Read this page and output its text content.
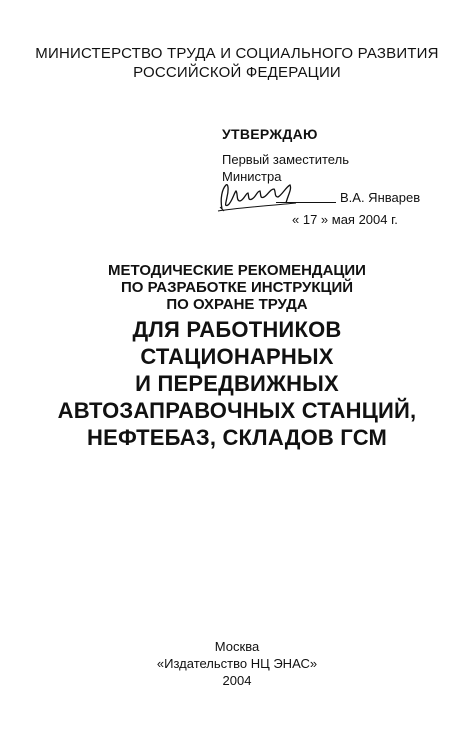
МИНИСТЕРСТВО ТРУДА И СОЦИАЛЬНОГО РАЗВИТИЯ
РОССИЙСКОЙ ФЕДЕРАЦИИ
УТВЕРЖДАЮ
Первый заместитель
Министра
В.А. Январев
« 17 » мая 2004 г.
МЕТОДИЧЕСКИЕ РЕКОМЕНДАЦИИ
ПО РАЗРАБОТКЕ ИНСТРУКЦИЙ
ПО ОХРАНЕ ТРУДА
ДЛЯ РАБОТНИКОВ
СТАЦИОНАРНЫХ
И ПЕРЕДВИЖНЫХ
АВТОЗАПРАВОЧНЫХ СТАНЦИЙ,
НЕФТЕБАЗ, СКЛАДОВ ГСМ
Москва
«Издательство НЦ ЭНАС»
2004
